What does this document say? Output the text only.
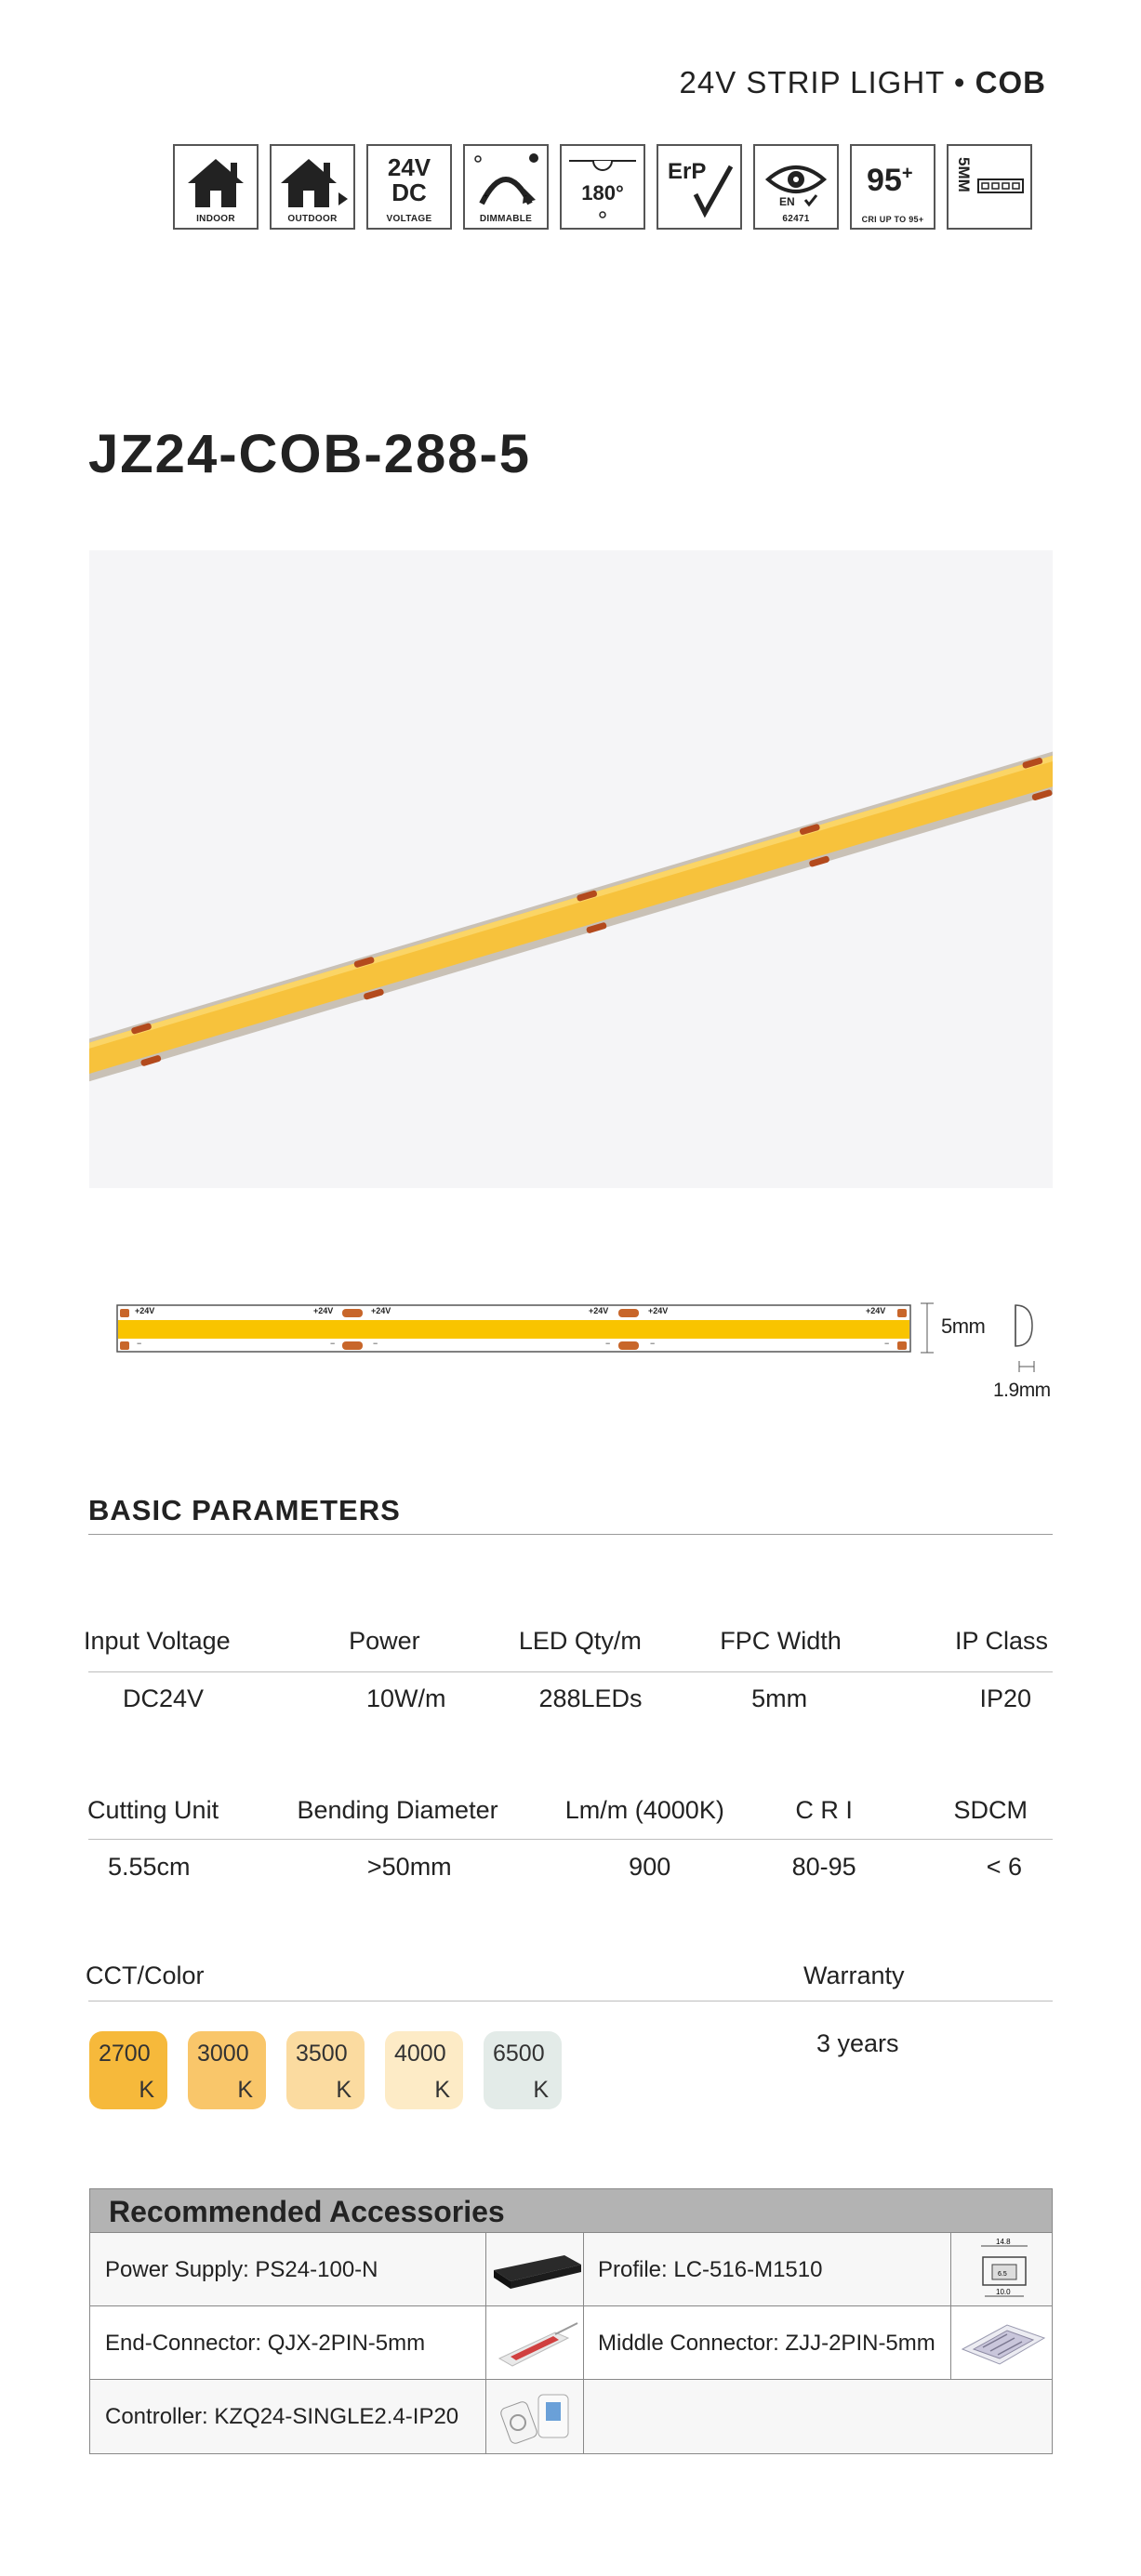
24V STRIP LIGHT • COB
INDOOR	OUTDOOR
24V
DC
VOLTAGE
+	-
DIMMABLE
180°
ErP
EN
62471
95+
CRI UP TO 95+
5MM
JZ24-COB-288-5
+24V	+24V	+24V	+24V	+24V	+24V
−	−	−	−	−	−
5mm
1.9mm
BASIC PARAMETERS
Input Voltage	Power	LED Qty/m	FPC Width	IP Class
DC24V	10W/m	288LEDs	5mm	IP20
Cutting Unit	Bending Diameter	Lm/m (4000K)	C R I	SDCM
5.55cm	>50mm	900	80-95	< 6
CCT/Color	Warranty
3 years
2700
K
3000
K
3500
K
4000
K
6500
K
Recommended Accessories
Power Supply: PS24-100-N	Profile: LC-516-M1510
14.8
6.5
10.0
End-Connector: QJX-2PIN-5mm	Middle Connector: ZJJ-2PIN-5mm
Controller: KZQ24-SINGLE2.4-IP20
